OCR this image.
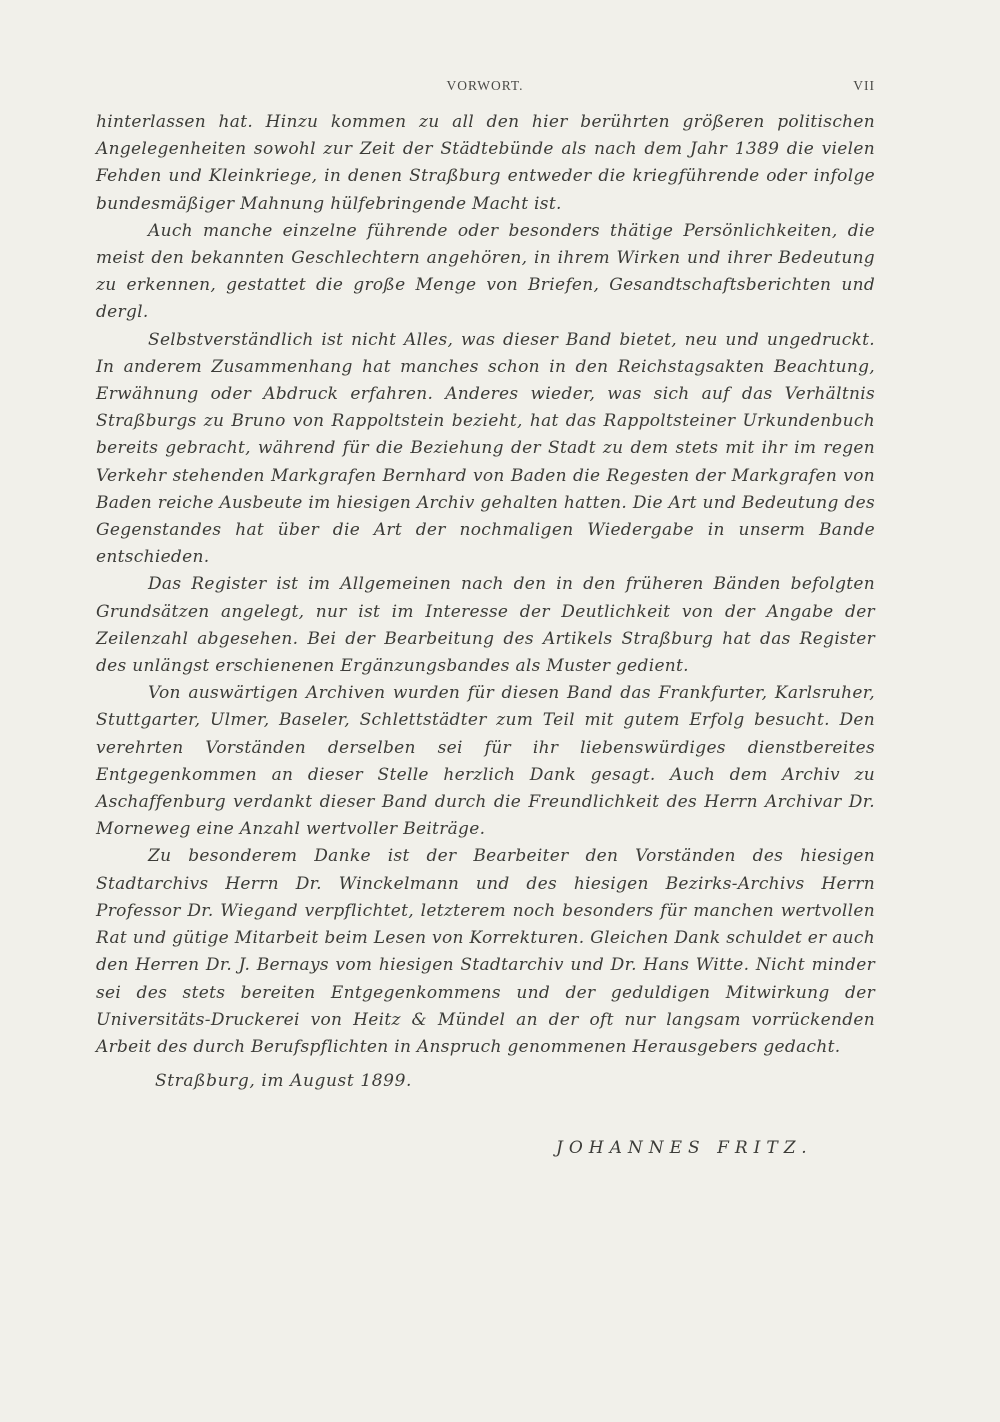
VORWORT.	VII

hinterlassen hat. Hinzu kommen zu all den hier berührten größeren politischen Angelegenheiten sowohl zur Zeit der Städtebünde als nach dem Jahr 1389 die vielen Fehden und Kleinkriege, in denen Straßburg entweder die kriegführende oder infolge bundesmäßiger Mahnung hülfebringende Macht ist.

Auch manche einzelne führende oder besonders thätige Persönlichkeiten, die meist den bekannten Geschlechtern angehören, in ihrem Wirken und ihrer Bedeutung zu erkennen, gestattet die große Menge von Briefen, Gesandtschaftsberichten und dergl.

Selbstverständlich ist nicht Alles, was dieser Band bietet, neu und ungedruckt. In anderem Zusammenhang hat manches schon in den Reichstagsakten Beachtung, Erwähnung oder Abdruck erfahren. Anderes wieder, was sich auf das Verhältnis Straßburgs zu Bruno von Rappoltstein bezieht, hat das Rappoltsteiner Urkundenbuch bereits gebracht, während für die Beziehung der Stadt zu dem stets mit ihr im regen Verkehr stehenden Markgrafen Bernhard von Baden die Regesten der Markgrafen von Baden reiche Ausbeute im hiesigen Archiv gehalten hatten. Die Art und Bedeutung des Gegenstandes hat über die Art der nochmaligen Wiedergabe in unserm Bande entschieden.

Das Register ist im Allgemeinen nach den in den früheren Bänden befolgten Grundsätzen angelegt, nur ist im Interesse der Deutlichkeit von der Angabe der Zeilenzahl abgesehen. Bei der Bearbeitung des Artikels Straßburg hat das Register des unlängst erschienenen Ergänzungsbandes als Muster gedient.

Von auswärtigen Archiven wurden für diesen Band das Frankfurter, Karlsruher, Stuttgarter, Ulmer, Baseler, Schlettstädter zum Teil mit gutem Erfolg besucht. Den verehrten Vorständen derselben sei für ihr liebenswürdiges dienstbereites Entgegenkommen an dieser Stelle herzlich Dank gesagt. Auch dem Archiv zu Aschaffenburg verdankt dieser Band durch die Freundlichkeit des Herrn Archivar Dr. Morneweg eine Anzahl wertvoller Beiträge.

Zu besonderem Danke ist der Bearbeiter den Vorständen des hiesigen Stadtarchivs Herrn Dr. Winckelmann und des hiesigen Bezirks-Archivs Herrn Professor Dr. Wiegand verpflichtet, letzterem noch besonders für manchen wertvollen Rat und gütige Mitarbeit beim Lesen von Korrekturen. Gleichen Dank schuldet er auch den Herren Dr. J. Bernays vom hiesigen Stadtarchiv und Dr. Hans Witte. Nicht minder sei des stets bereiten Entgegenkommens und der geduldigen Mitwirkung der Universitäts-Druckerei von Heitz & Mündel an der oft nur langsam vorrückenden Arbeit des durch Berufspflichten in Anspruch genommenen Herausgebers gedacht.

Straßburg, im August 1899.
JOHANNES FRITZ.
